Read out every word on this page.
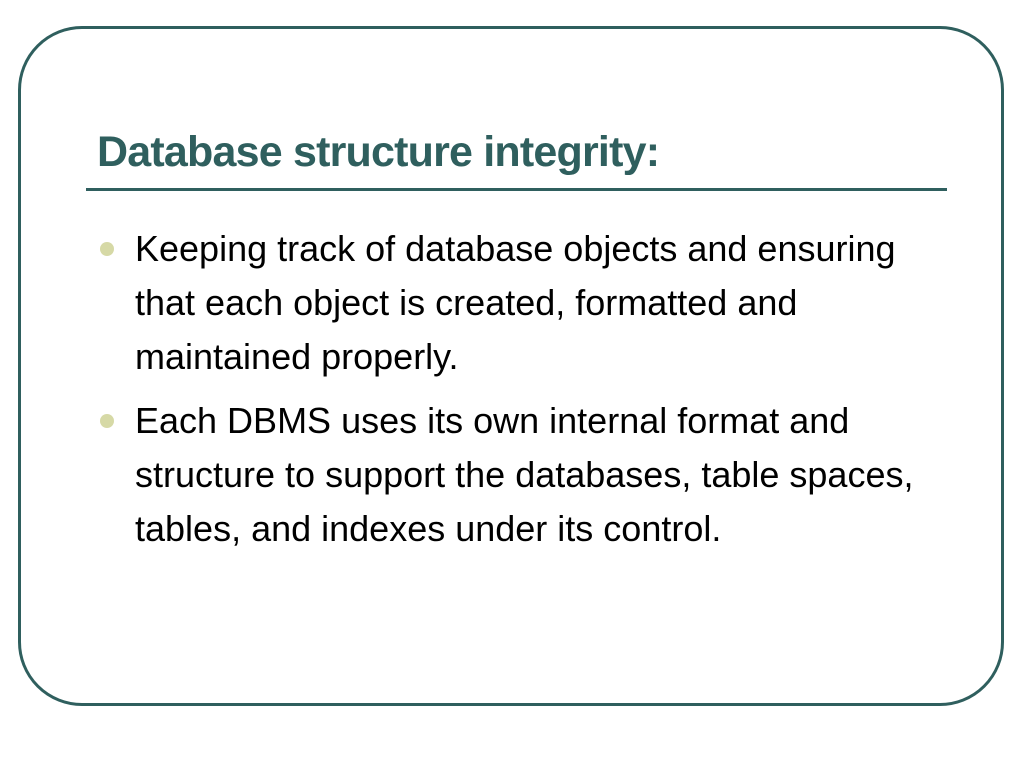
Database structure integrity:
Keeping track of database objects and ensuring that each object is created, formatted and maintained properly.
Each DBMS uses its own internal format and structure to support the databases, table spaces, tables, and indexes under its control.
